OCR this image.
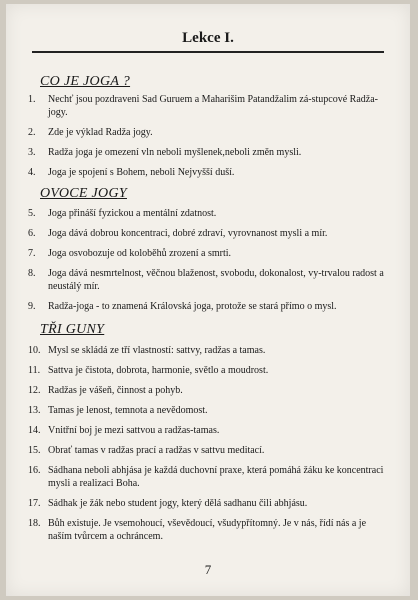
Lekce I.
CO JE JOGA ?
1.	Nechť jsou pozdraveni Sad Guruem a Maharišim Patandžalim zá-stupcové Radža-jogy.
2.	Zde je výklad Radža jogy.
3.	Radža joga je omezení vln neboli myšlenek,neboli změn mysli.
4.	Joga je spojení s Bohem, neboli Nejvyšší duší.
OVOCE JOGY
5.	Joga přináší fyzickou a mentální zdatnost.
6.	Joga dává dobrou koncentraci, dobré zdraví, vyrovnanost mysli a mír.
7.	Joga osvobozuje od koloběhů zrození a smrti.
8.	Joga dává nesmrtelnost, věčnou blaženost, svobodu, dokonalost, vy-trvalou radost a neustálý mír.
9.	Radža-joga - to znamená Královská joga, protože se stará přímo o mysl.
TŘI GUNY
10. Mysl se skládá ze tří vlastností: sattvy, radžas a tamas.
11. Sattva je čistota, dobrota, harmonie, světlo a moudrost.
12. Radžas je vášeň, činnost a pohyb.
13. Tamas je lenost, temnota a nevědomost.
14. Vnitřní boj je mezi sattvou a radžas-tamas.
15. Obrať tamas v radžas prací a radžas v sattvu meditací.
16. Sádhana neboli abhjása je každá duchovní praxe, která pomáhá žáku ke koncentraci mysli a realizaci Boha.
17. Sádhak je žák nebo student jogy, který dělá sadhanu čili abhjásu.
18. Bůh existuje. Je vsemohoucí, vševědoucí, všudypřítomný. Je v nás, řídí nás a je naším tvůrcem a ochráncem.
7
